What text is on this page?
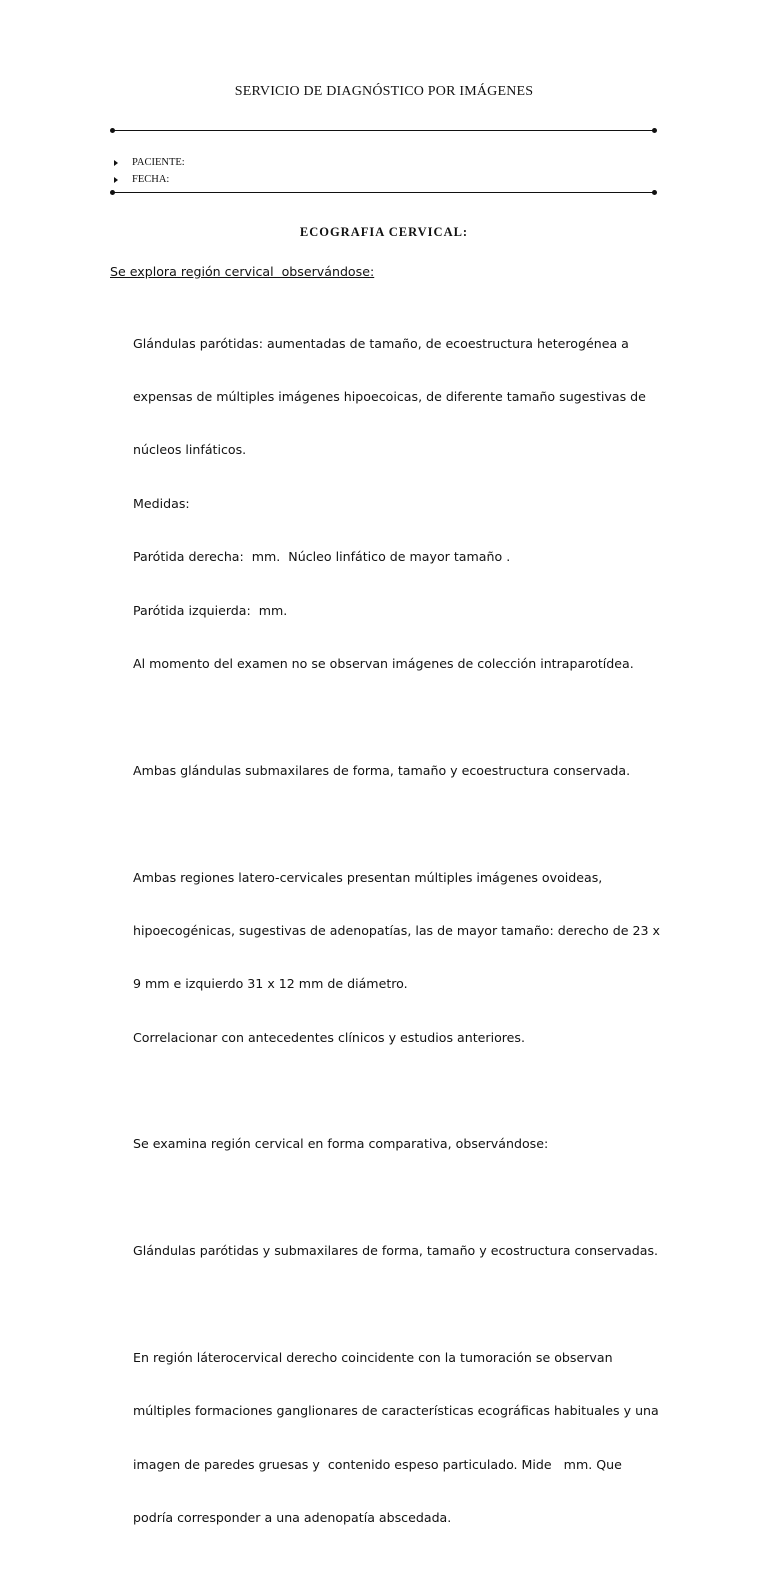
SERVICIO DE DIAGNÓSTICO POR IMÁGENES
PACIENTE:
FECHA:
ECOGRAFIA CERVICAL:
Se explora región cervical  observándose:

Glándulas parótidas: aumentadas de tamaño, de ecoestructura heterogénea a

expensas de múltiples imágenes hipoecoicas, de diferente tamaño sugestivas de

núcleos linfáticos.

Medidas:

Parótida derecha:  mm.  Núcleo linfático de mayor tamaño .

Parótida izquierda:  mm.

Al momento del examen no se observan imágenes de colección intraparotídea.

Ambas glándulas submaxilares de forma, tamaño y ecoestructura conservada.

Ambas regiones latero-cervicales presentan múltiples imágenes ovoideas,

hipoecogénicas, sugestivas de adenopatías, las de mayor tamaño: derecho de 23 x

9 mm e izquierdo 31 x 12 mm de diámetro.

Correlacionar con antecedentes clínicos y estudios anteriores.

Se examina región cervical en forma comparativa, observándose:

Glándulas parótidas y submaxilares de forma, tamaño y ecostructura conservadas.

En región láterocervical derecho coincidente con la tumoración se observan

múltiples formaciones ganglionares de características ecográficas habituales y una

imagen de paredes gruesas y  contenido espeso particulado. Mide   mm. Que

podría corresponder a una adenopatía abscedada.
